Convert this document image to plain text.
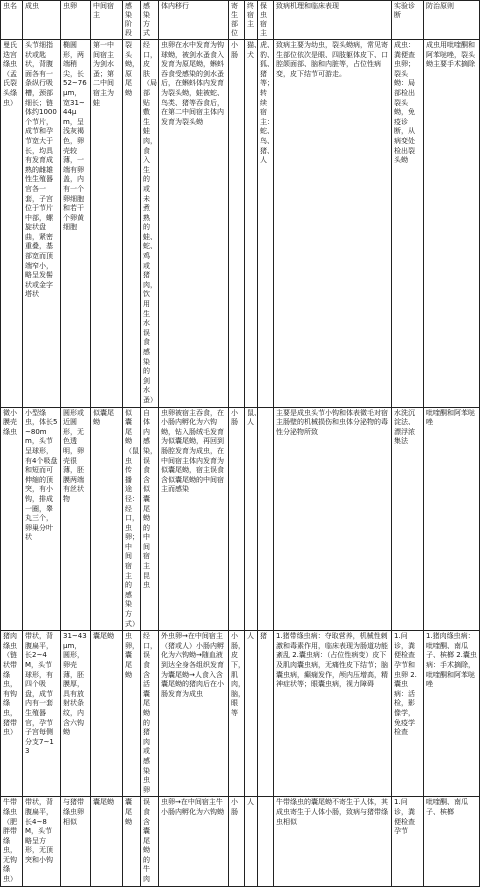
虫名	成虫	虫卵	中间宿主	感染阶段	感染方式	体内移行	寄生部位	终宿主	保虫宿主	致病机理和临床表现	实验诊断	防治原则
曼氏迭宫绦虫（孟氏裂头绦虫）	头节细指状或匙状，背腹面各有一条纵行吸槽，颈部细长；链体约1000个节片，成节和孕节宽大于长，均具有发育成熟的雌雄性生殖器官各一套，子宫位于节片中部，螺旋状盘曲，紧密重叠，基部宽而顶端窄小，略呈发髻状或金字塔状	椭圆形，两端稍尖，长52~76μm，宽31~44μm，呈浅灰褐色，卵壳较薄，一端有卵盖，内有一个卵细胞和若干个卵黄细胞	第一中间宿主为剑水蚤；第二中间宿主为蛙	裂头蚴，原尾蚴	经口，皮肤（局部贴敷生蛙肉，食入生的或未煮熟的蛙、蛇、鸡或猪肉，饮用生水误食感染的剑水蚤）	虫卵在水中发育为钩球蚴，被剑水蚤食入发育为原尾蚴，蝌蚪吞食受感染的剑水蚤后，在蝌蚪体内发育为裂头蚴，蛙被蛇、鸟类、猪等吞食后，在第二中间宿主体内发育为裂头蚴	小肠	猫、犬	虎、豹、狐、猪等；转续宿主：蛇、鸟、猪、人	致病主要为幼虫，裂头蚴病，常见寄生部位依次是眼、四肢躯体皮下、口腔颌面部、脑和内脏等，占位性病变，皮下结节可游走。	成虫：粪便查虫卵；裂头蚴：局部检出裂头蚴，免疫诊断，从病变处检出裂头蚴	成虫用吡喹酮和阿苯哒唑，裂头蚴主要手术摘除
微小膜壳绦虫	小型绦虫，体长5~80mm，头节呈球形，有4个吸盘和短而可伸缩的顶突，有小钩，排成一圈，睾丸三个，卵巢分叶状	圆形或近圆形，无色透明，卵壳很薄，胚膜两端有丝状物	似囊尾蚴	似囊尾蚴（鼠虫传播途径：经口，虫卵；中间宿主的感染方式）	自体内感染，误食含似囊尾蚴的中间宿主昆虫	虫卵被宿主吞食，在小肠内孵化为六钩蚴，钻入肠绒毛发育为似囊尾蚴，再回到肠腔发育为成虫，在中间宿主体内发育为似囊尾蚴，宿主误食含似囊尾蚴的中间宿主而感染	小肠	鼠、人		主要是成虫头节小钩和体表微毛对宿主肠壁的机械损伤和虫体分泌物的毒性分泌物所致	水洗沉淀法、漂浮浓集法	吡喹酮和阿苯哒唑
猪肉绦虫（链状带绦虫，有钩绦虫，猪带虫）	带状，背腹扁平，长2~4M，头节球形，有四个吸盘，成节内有一套生殖器官，孕节子宫每侧分支7~13	31~43μm，圆形，卵壳薄，胚膜厚，具有放射状条纹，内含六钩蚴	囊尾蚴	虫卵，囊尾蚴	经口，误食含活囊尾蚴的猪肉或感染虫卵	外虫卵→在中间宿主（猪或人）小肠内孵化为六钩蚴→随血液到达全身各组织发育为囊尾蚴→人食入含囊尾蚴的猪肉后在小肠发育为成虫	小肠，皮下，肌肉，脑，眼等	人	猪	1.猪带绦虫病：夺取营养，机械性刺激和毒素作用，临床表现为肠道功能紊乱 2.囊虫病：（占位性病变）皮下及肌肉囊虫病，无痛性皮下结节；脑囊虫病，癫痫发作，颅内压增高，精神症状等；眼囊虫病，视力障碍	1.问诊，粪便检查孕节和虫卵 2.囊虫病：活检，影像学，免疫学检查	1.猪肉绦虫病：吡喹酮、南瓜子、槟榔 2.囊虫病：手术摘除，吡喹酮和阿苯哒唑
牛带绦虫（肥胖带绦虫，无钩绦虫）	带状，背腹扁平，长4~8M，头节略呈方形，无顶突和小钩	与猪带绦虫卵相似	囊尾蚴	囊尾蚴	误食含囊尾蚴的牛肉	虫卵→在中间宿主牛小肠内孵化为六钩蚴	小肠	人		牛带绦虫的囊尾蚴不寄生于人体，其成虫寄生于人体小肠，致病与猪带绦虫相似	1.问诊，粪便检查孕节	吡喹酮、南瓜子、槟榔
